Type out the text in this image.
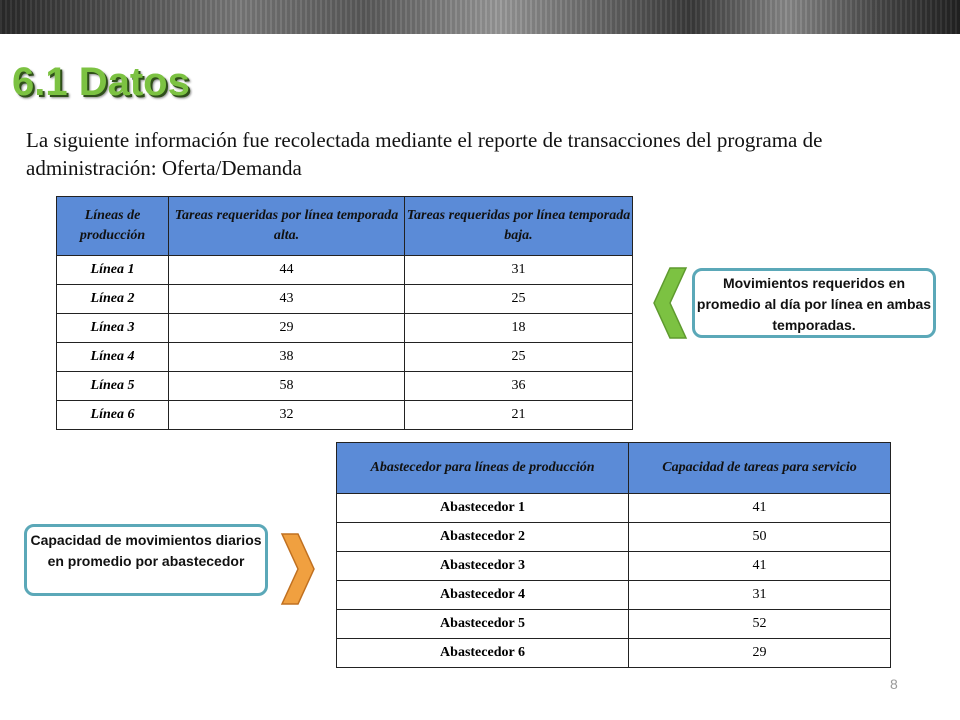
6.1 Datos

La siguiente información fue recolectada mediante el reporte de transacciones del programa de administración: Oferta/Demanda

Líneas de producción	Tareas requeridas por línea temporada alta.	Tareas requeridas por línea temporada baja.
Línea 1	44	31
Línea 2	43	25
Línea 3	29	18
Línea 4	38	25
Línea 5	58	36
Línea 6	32	21
Movimientos requeridos en promedio al día por línea en ambas temporadas.
Abastecedor para líneas de producción	Capacidad de tareas para servicio
Abastecedor 1	41
Abastecedor 2	50
Abastecedor 3	41
Abastecedor 4	31
Abastecedor 5	52
Abastecedor 6	29
Capacidad de movimientos diarios en promedio por abastecedor
8
